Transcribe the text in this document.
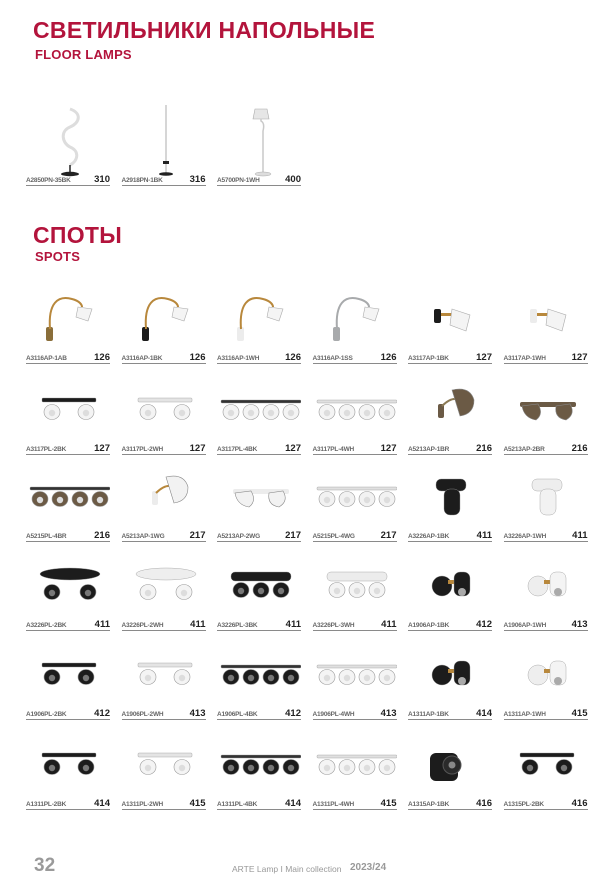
СВЕТИЛЬНИКИ НАПОЛЬНЫЕ
FLOOR LAMPS
A2850PN-35BK 310 A2918PN-1BK	316 A5700PN-1WH	400
СПОТЫ
SPOTS
A3116AP-1AB	126 A3116AP-1BK	126 A3116AP-1WH	126 A3116AP-1SS	126 A3117AP-1BK	127 A3117AP-1WH	127
A3117PL-2BK	127 A3117PL-2WH	127 A3117PL-4BK	127 A3117PL-4WH	127 A5213AP-1BR	216 A5213AP-2BR	216
A5215PL-4BR	216 A5213AP-1WG	217 A5213AP-2WG	217 A5215PL-4WG	217 A3226AP-1BK	411 A3226AP-1WH	411
A3226PL-2BK	411 A3226PL-2WH	411 A3226PL-3BK	411 A3226PL-3WH	411 A1906AP-1BK	412 A1906AP-1WH	413
A1906PL-2BK	412 A1906PL-2WH	413 A1906PL-4BK	412 A1906PL-4WH	413 A1311AP-1BK	414 A1311AP-1WH	415
A1311PL-2BK	414 A1311PL-2WH	415 A1311PL-4BK	414 A1311PL-4WH	415 A1315AP-1BK	416 A1315PL-2BK	416
32	ARTE Lamp I Main collection 2023/24
